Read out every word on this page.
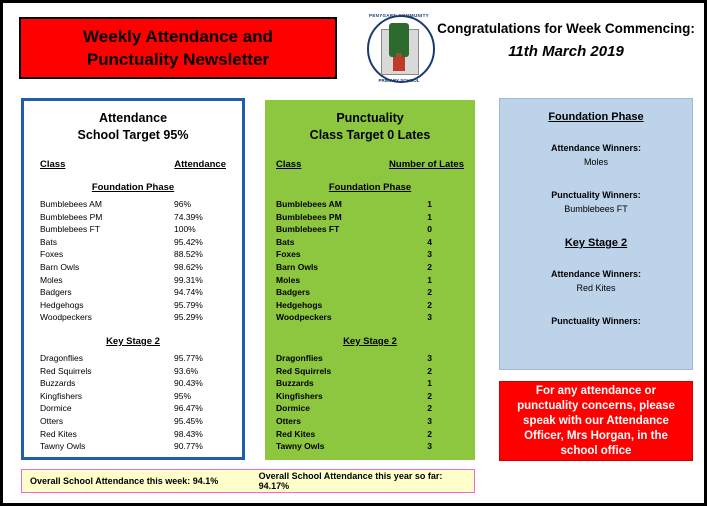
Weekly Attendance and
Punctuality Newsletter
PENYGARN COMMUNITY
PRIMARY SCHOOL
Congratulations for Week Commencing:
11th March 2019
Attendance
School Target 95%
Class	Attendance
Foundation Phase
Bumblebees AM	96%
Bumblebees PM	74.39%
Bumblebees FT	100%
Bats	95.42%
Foxes	88.52%
Barn Owls	98.62%
Moles	99.31%
Badgers	94.74%
Hedgehogs	95.79%
Woodpeckers	95.29%
Key Stage 2
Dragonflies	95.77%
Red Squirrels	93.6%
Buzzards	90.43%
Kingfishers	95%
Dormice	96.47%
Otters	95.45%
Red Kites	98.43%
Tawny Owls	90.77%
Punctuality
Class Target 0 Lates
Class	Number of Lates
Foundation Phase
Bumblebees AM	1
Bumblebees PM	1
Bumblebees FT	0
Bats	4
Foxes	3
Barn Owls	2
Moles	1
Badgers	2
Hedgehogs	2
Woodpeckers	3
Key Stage 2
Dragonflies	3
Red Squirrels	2
Buzzards	1
Kingfishers	2
Dormice	2
Otters	3
Red Kites	2
Tawny Owls	3
Foundation Phase
Attendance Winners:
Moles
Punctuality Winners:
Bumblebees FT
Key Stage 2
Attendance Winners:
Red Kites
Punctuality Winners:
For any attendance or punctuality concerns, please speak with our Attendance Officer, Mrs Horgan, in the school office
Overall School Attendance this week: 94.1%	Overall School Attendance this year so far: 94.17%
